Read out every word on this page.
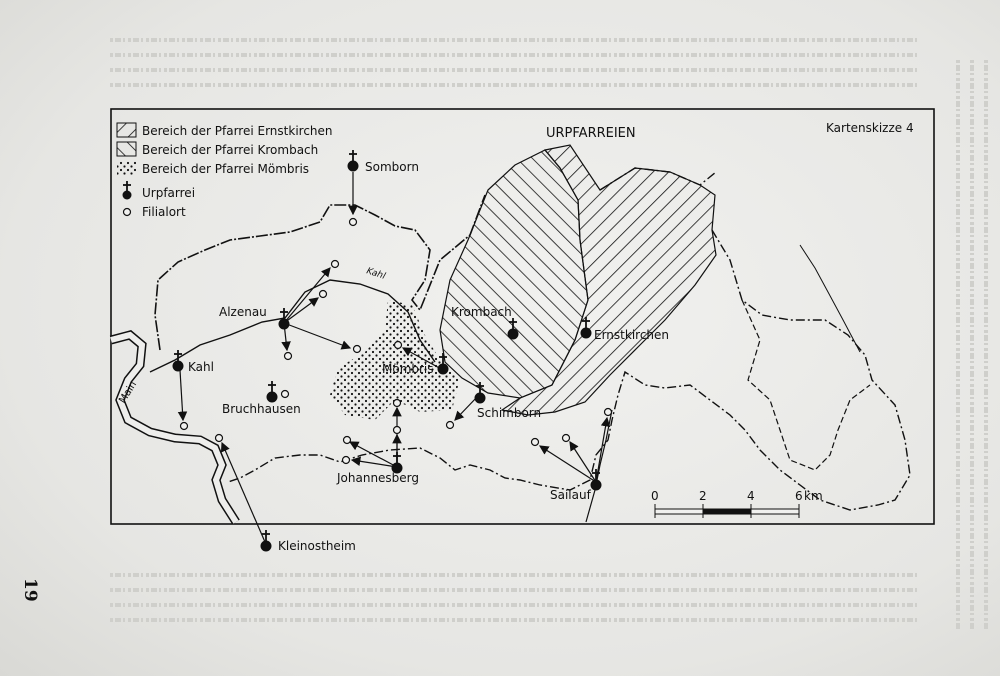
19
Somborn
Alzenau
Kahl
Bruchhausen
Krombach
Ernstkirchen
Mömbris
Schimborn
Johannesberg
Sailauf
Kleinostheim
Main
Kahl
URPFARREIEN	Kartenskizze 4
Bereich der Pfarrei Ernstkirchen
Bereich der Pfarrei Krombach
Bereich der Pfarrei Mömbris
Urpfarrei
Filialort
0	2	4	6 km
